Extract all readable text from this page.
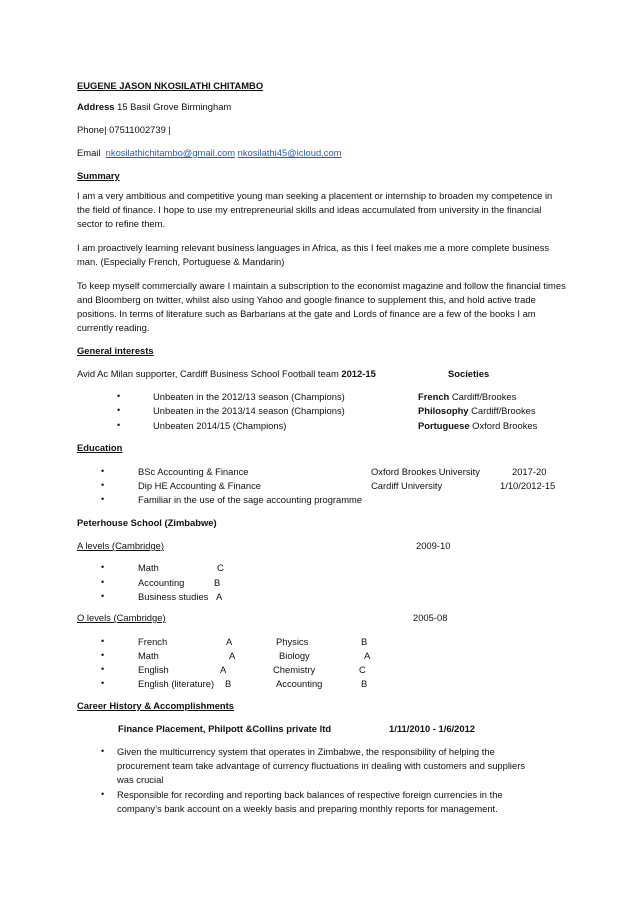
EUGENE JASON NKOSILATHI CHITAMBO
Address 15 Basil Grove Birmingham
Phone| 07511002739 |
Email nkosilathichitambo@gmail.com nkosilathi45@icloud.com
Summary
I am a very ambitious and competitive young man seeking a placement or internship to broaden my competence in the field of finance. I hope to use my entrepreneurial skills and ideas accumulated from university in the financial sector to refine them.
I am proactively learning relevant business languages in Africa, as this I feel makes me a more complete business man. (Especially French, Portuguese & Mandarin)
To keep myself commercially aware I maintain a subscription to the economist magazine and follow the financial times and Bloomberg on twitter, whilst also using Yahoo and google finance to supplement this, and hold active trade positions. In terms of literature such as Barbarians at the gate and Lords of finance are a few of the books I am currently reading.
General interests
Avid Ac Milan supporter, Cardiff Business School Football team 2012-15	Societies
•	Unbeaten in the 2012/13 season (Champions)	French Cardiff/Brookes
•	Unbeaten in the 2013/14 season (Champions)	Philosophy Cardiff/Brookes
•	Unbeaten 2014/15 (Champions)	Portuguese Oxford Brookes
Education
•	BSc Accounting & Finance	Oxford Brookes University	2017-20
•	Dip HE Accounting & Finance	Cardiff University	1/10/2012-15
•	Familiar in the use of the sage accounting programme
Peterhouse School (Zimbabwe)
A levels (Cambridge)	2009-10
•	Math	C
•	Accounting	B
•	Business studies A
O levels (Cambridge)	2005-08
•	French	A	Physics	B
•	Math	A	Biology	A
•	English	A	Chemistry	C
•	English (literature) B	Accounting	B
Career History & Accomplishments
Finance Placement, Philpott &Collins private ltd	1/11/2010 - 1/6/2012
• Given the multicurrency system that operates in Zimbabwe, the responsibility of helping the procurement team take advantage of currency fluctuations in dealing with customers and suppliers was crucial
• Responsible for recording and reporting back balances of respective foreign currencies in the company’s bank account on a weekly basis and preparing monthly reports for management.
